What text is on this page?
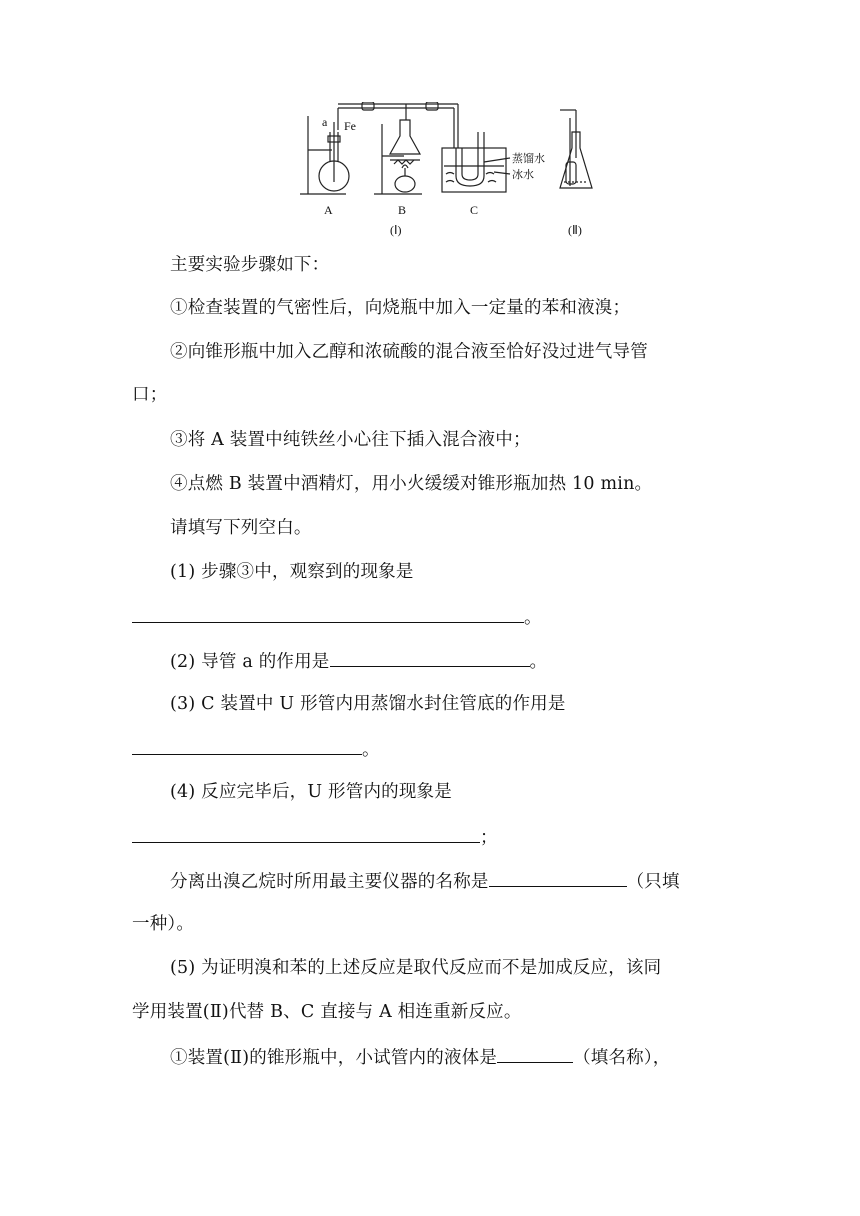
a Fe
蒸馏水
冰水
A	B	C
(Ⅰ)	(Ⅱ)
主要实验步骤如下：
①检查装置的气密性后，向烧瓶中加入一定量的苯和液溴；
②向锥形瓶中加入乙醇和浓硫酸的混合液至恰好没过进气导管
口；
③将 A 装置中纯铁丝小心往下插入混合液中；
④点燃 B 装置中酒精灯，用小火缓缓对锥形瓶加热 10 min。
请填写下列空白。
(1) 步骤③中，观察到的现象是
。
(2) 导管 a 的作用是	。
(3) C 装置中 U 形管内用蒸馏水封住管底的作用是
。
(4) 反应完毕后，U 形管内的现象是
；
分离出溴乙烷时所用最主要仪器的名称是	（只填
一种）。
(5) 为证明溴和苯的上述反应是取代反应而不是加成反应，该同
学用装置(Ⅱ)代替 B、C 直接与 A 相连重新反应。
①装置(Ⅱ)的锥形瓶中，小试管内的液体是	（填名称），
